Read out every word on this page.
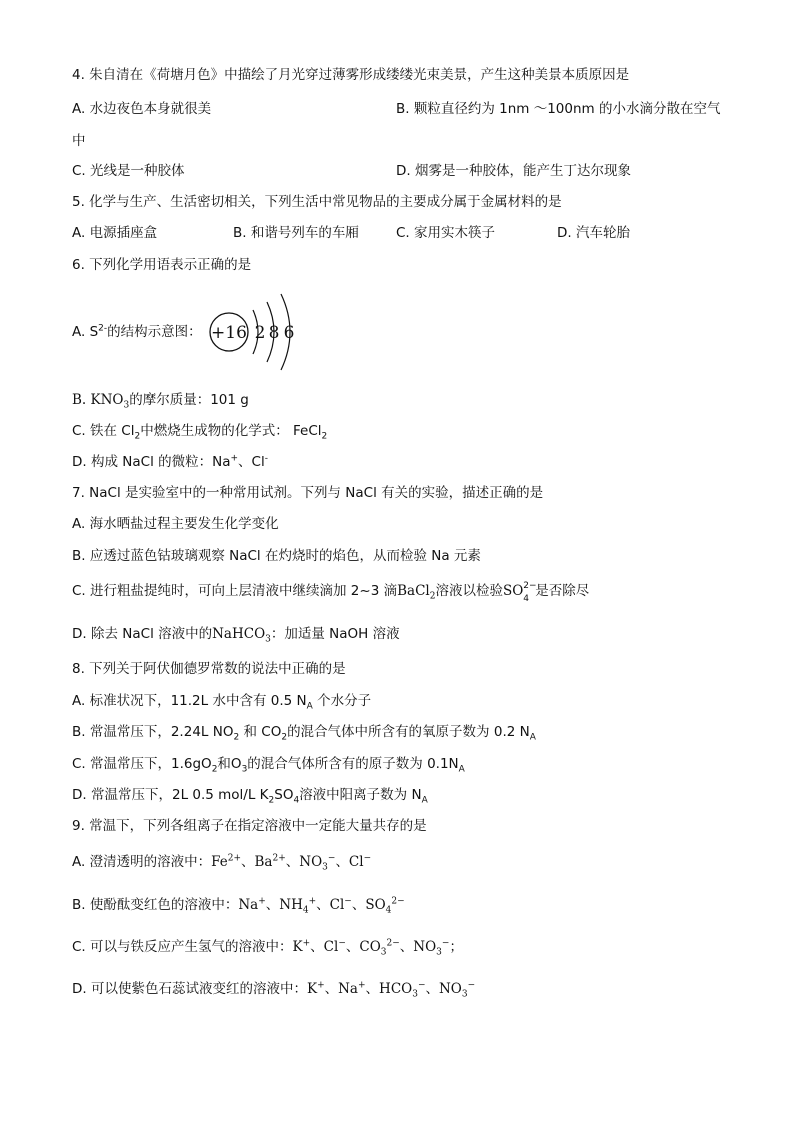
4. 朱自清在《荷塘月色》中描绘了月光穿过薄雾形成缕缕光束美景，产生这种美景本质原因是
A. 水边夜色本身就很美	B. 颗粒直径约为 1nm ～100nm 的小水滴分散在空气
中
C. 光线是一种胶体	D. 烟雾是一种胶体，能产生丁达尔现象
5. 化学与生产、生活密切相关，下列生活中常见物品的主要成分属于金属材料的是
A. 电源插座盒	B. 和谐号列车的车厢	C. 家用实木筷子	D. 汽车轮胎
6. 下列化学用语表示正确的是
A. $S^{2-}$的结构示意图： +16 2 8 6
B. $KNO_3$的摩尔质量：101 g
C. 铁在 $Cl_2$中燃烧生成物的化学式： FeCl$_2$
D. 构成 NaCl 的微粒：Na+、Cl-
7. NaCl 是实验室中的一种常用试剂。下列与 NaCl 有关的实验，描述正确的是
A. 海水晒盐过程主要发生化学变化
B. 应透过蓝色钴玻璃观察 NaCl 在灼烧时的焰色，从而检验 Na 元素
C. 进行粗盐提纯时，可向上层清液中继续滴加 2~3 滴BaCl$_2$溶液以检验SO 2−
4 是否除尽
D. 除去 NaCl 溶液中的NaHCO$_3$：加适量 NaOH 溶液
8. 下列关于阿伏伽德罗常数的说法中正确的是
A. 标准状况下，11.2L 水中含有 0.5 $N_A$ 个水分子
B. 常温常压下，2.24L $NO_2$ 和 $CO_2$的混合气体中所含有的氧原子数为 0.2 $N_A$
C. 常温常压下，$1.6gO_2$和$O_3$的混合气体所含有的原子数为 $0.1N_A$
D. 常温常压下，2L 0.5 mol/L $K_2SO_4$溶液中阳离子数为 $N_A$
9. 常温下，下列各组离子在指定溶液中一定能大量共存的是
A. 澄清透明的溶液中：$Fe^{2+}$、$Ba^{2+}$、$NO_3^-$、Cl−
B. 使酚酞变红色的溶液中：Na+、$NH_4^+$、Cl−、$SO_4^{2-}$
C. 可以与铁反应产生氢气的溶液中：K+、Cl−、$CO_3^{2-}$、$NO_3^-$；
D. 可以使紫色石蕊试液变红的溶液中：K+、Na+、$HCO_3^-$、$NO_3^-$
